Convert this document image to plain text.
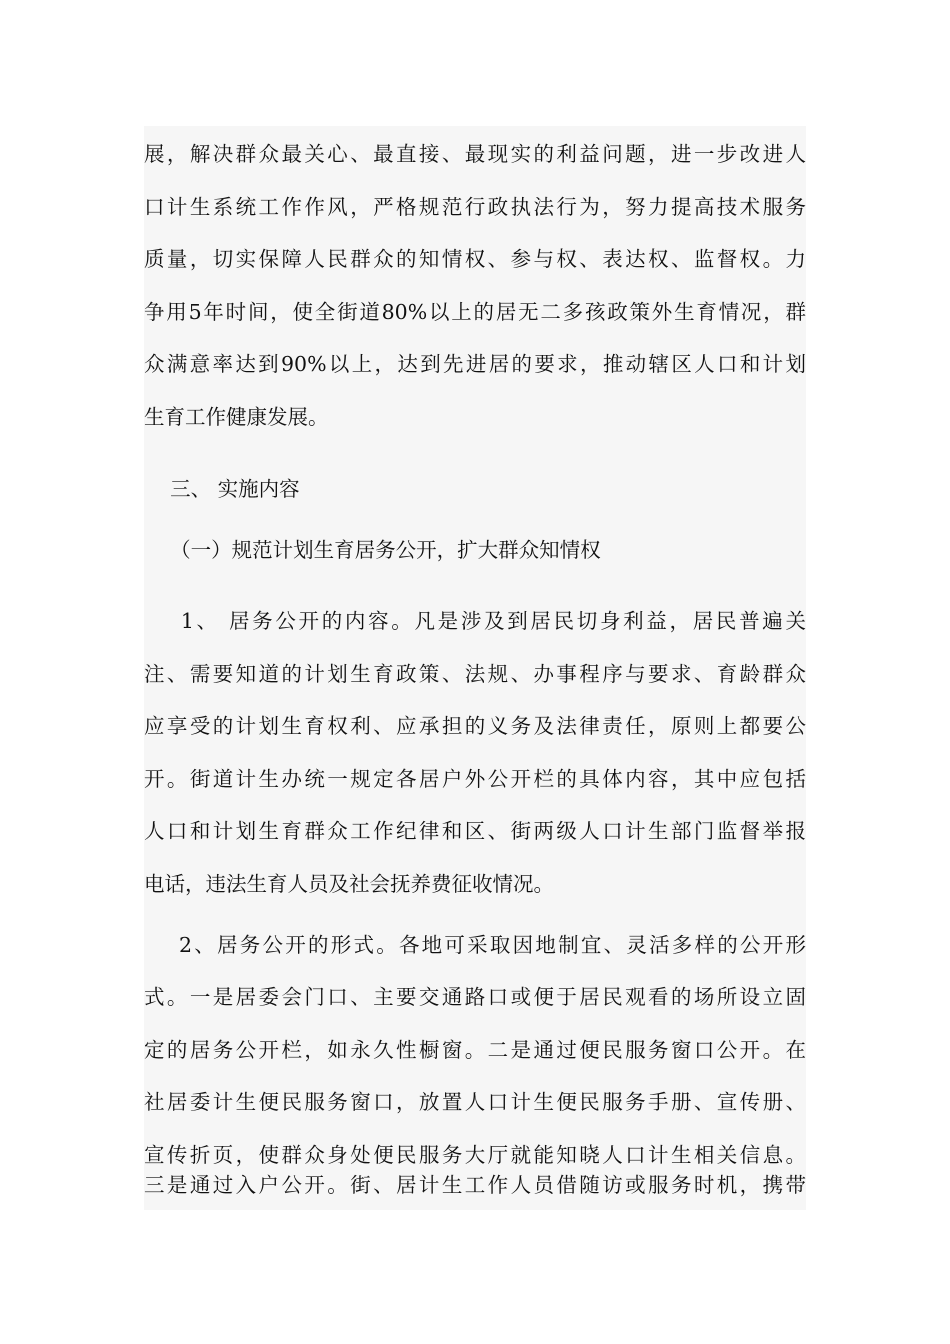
展，解决群众最关心、最直接、最现实的利益问题，进一步改进人
口计生系统工作作风，严格规范行政执法行为，努力提高技术服务
质量，切实保障人民群众的知情权、参与权、表达权、监督权。力
争用5年时间，使全街道80%以上的居无二多孩政策外生育情况，群
众满意率达到90%以上，达到先进居的要求，推动辖区人口和计划
生育工作健康发展。
三、 实施内容
（一）规范计划生育居务公开，扩大群众知情权
1、 居务公开的内容。凡是涉及到居民切身利益，居民普遍关
注、需要知道的计划生育政策、法规、办事程序与要求、育龄群众
应享受的计划生育权利、应承担的义务及法律责任，原则上都要公
开。街道计生办统一规定各居户外公开栏的具体内容，其中应包括
人口和计划生育群众工作纪律和区、街两级人口计生部门监督举报
电话，违法生育人员及社会抚养费征收情况。
2、居务公开的形式。各地可采取因地制宜、灵活多样的公开形
式。一是居委会门口、主要交通路口或便于居民观看的场所设立固
定的居务公开栏，如永久性橱窗。二是通过便民服务窗口公开。在
社居委计生便民服务窗口，放置人口计生便民服务手册、宣传册、
宣传折页，使群众身处便民服务大厅就能知晓人口计生相关信息。
三是通过入户公开。街、居计生工作人员借随访或服务时机，携带
